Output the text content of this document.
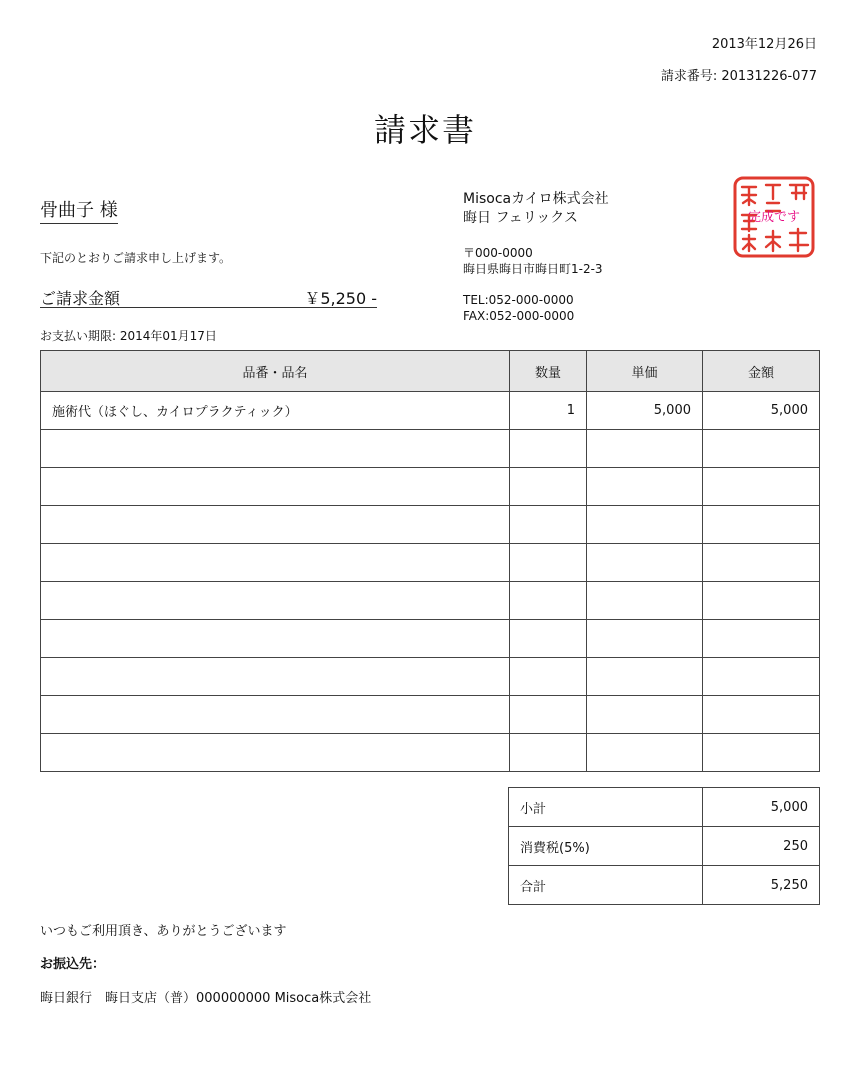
2013年12月26日
請求番号: 20131226-077
請求書
骨曲子 様
下記のとおりご請求申し上げます。
ご請求金額	￥5,250 -
お支払い期限: 2014年01月17日
Misocaカイロ株式会社
晦日 フェリックス
〒000-0000
晦日県晦日市晦日町1-2-3
TEL:052-000-0000
FAX:052-000-0000
完成です
品番・品名	数量	単価	金額
施術代（ほぐし、カイロプラクティック）	1	5,000	5,000

小計	5,000
消費税(5%)	250
合計	5,250
いつもご利用頂き、ありがとうございます
お振込先：
晦日銀行　晦日支店（普）000000000 Misoca株式会社
